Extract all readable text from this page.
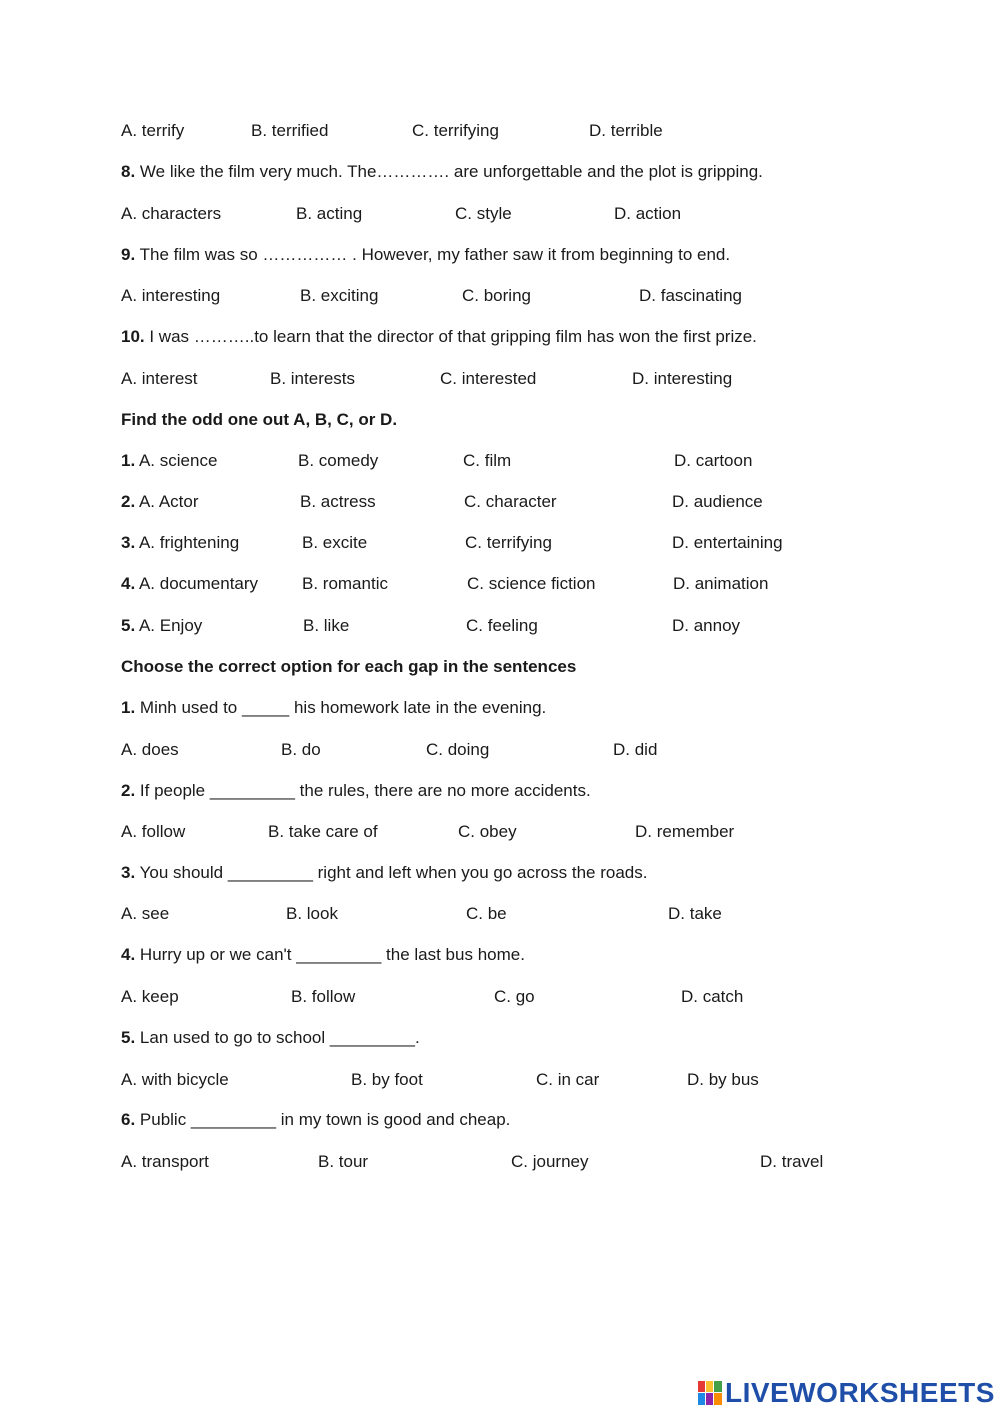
A. terrify	B. terrified	C. terrifying	D. terrible
8. We like the film very much. The…………. are unforgettable and the plot is gripping.
A. characters	B. acting	C. style	D. action
9. The film was so …………… . However, my father saw it from beginning to end.
A. interesting	B. exciting	C. boring	D. fascinating
10. I was ………..to learn that the director of that gripping film has won the first prize.
A. interest	B. interests	C. interested	D. interesting
Find the odd one out A, B, C, or D.
1. A. science	B. comedy	C. film	D. cartoon
2. A. Actor	B. actress	C. character	D. audience
3. A. frightening	B. excite	C. terrifying	D. entertaining
4. A. documentary	B. romantic	C. science fiction	D. animation
5. A. Enjoy	B. like	C. feeling	D. annoy
Choose the correct option for each gap in the sentences
1. Minh used to _____ his homework late in the evening.
A. does	B. do	C. doing	D. did
2. If people _________ the rules, there are no more accidents.
A. follow	B. take care of	C. obey	D. remember
3. You should _________ right and left when you go across the roads.
A. see	B. look	C. be	D. take
4. Hurry up or we can't _________ the last bus home.
A. keep	B. follow	C. go	D. catch
5. Lan used to go to school _________.
A. with bicycle	B. by foot	C. in car	D. by bus
6. Public _________ in my town is good and cheap.
A. transport	B. tour	C. journey	D. travel
LIVEWORKSHEETS
